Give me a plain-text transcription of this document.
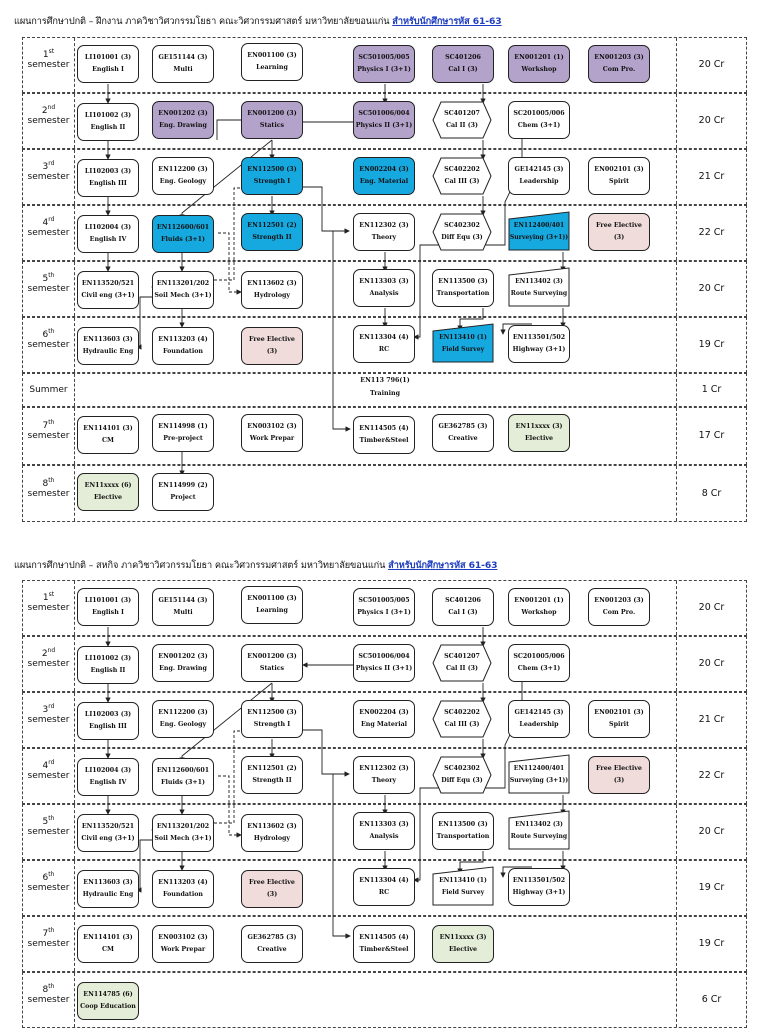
แผนการศึกษาปกติ – ฝึกงาน ภาควิชาวิศวกรรมโยธา คณะวิศวกรรมศาสตร์ มหาวิทยาลัยขอนแก่น สำหรับนักศึกษารหัส 61-63
1st
semester	20 Cr
2nd
semester	20 Cr
3rd
semester	21 Cr
4rd
semester	22 Cr
5th
semester	20 Cr
6th
semester	19 Cr
Summer	1 Cr
7th
semester	17 Cr
8th
semester	8 Cr
LI101001 (3)
English I
GE151144 (3)
Multi
EN001100 (3)
Learning
SC501005/005
Physics I (3+1)
SC401206
Cal I (3)
EN001201 (1)
Workshop
EN001203 (3)
Com Pro.
LI101002 (3)
English II
EN001202 (3)
Eng. Drawing
EN001200 (3)
Statics
SC501006/004
Physics II (3+1)
SC401207
Cal II (3)
SC201005/006
Chem (3+1)
LI102003 (3)
English III
EN112200 (3)
Eng. Geology
EN112500 (3)
Strength I
EN002204 (3)
Eng. Material
SC402202
Cal III (3)
GE142145 (3)
Leadership
EN002101 (3)
Spirit
LI102004 (3)
English IV
EN112600/601
Fluids (3+1)
EN112501 (2)
Strength II
EN112302 (3)
Theory
SC402302
Diff Equ (3)
EN112400/401
Surveying (3+1))
Free Elective
(3)
EN113520/521
Civil eng (3+1)
EN113201/202
Soil Mech (3+1)
EN113602 (3)
Hydrology
EN113303 (3)
Analysis
EN113500 (3)
Transportation
EN113402 (3)
Route Surveying
EN113603 (3)
Hydraulic Eng
EN113203 (4)
Foundation
Free Elective
(3)
EN113304 (4)
RC
EN113410 (1)
Field Survey
EN113501/502
Highway (3+1)
EN113 796(1)
Training
EN114101 (3)
CM
EN114998 (1)
Pre-project
EN003102 (3)
Work Prepar
EN114505 (4)
Timber&Steel
GE362785 (3)
Creative
EN11xxxx (3)
Elective
EN11xxxx (6)
Elective
EN114999 (2)
Project
แผนการศึกษาปกติ – สหกิจ ภาควิชาวิศวกรรมโยธา คณะวิศวกรรมศาสตร์ มหาวิทยาลัยขอนแก่น สำหรับนักศึกษารหัส 61-63
1st
semester	20 Cr
2nd
semester	20 Cr
3rd
semester	21 Cr
4rd
semester	22 Cr
5th
semester	20 Cr
6th
semester	19 Cr
7th
semester	19 Cr
8th
semester	6 Cr
LI101001 (3)
English I
GE151144 (3)
Multi
EN001100 (3)
Learning
SC501005/005
Physics I (3+1)
SC401206
Cal I (3)
EN001201 (1)
Workshop
EN001203 (3)
Com Pro.
LI101002 (3)
English II
EN001202 (3)
Eng. Drawing
EN001200 (3)
Statics
SC501006/004
Physics II (3+1)
SC401207
Cal II (3)
SC201005/006
Chem (3+1)
LI102003 (3)
English III
EN112200 (3)
Eng. Geology
EN112500 (3)
Strength I
EN002204 (3)
Eng Material
SC402202
Cal III (3)
GE142145 (3)
Leadership
EN002101 (3)
Spirit
LI102004 (3)
English IV
EN112600/601
Fluids (3+1)
EN112501 (2)
Strength II
EN112302 (3)
Theory
SC402302
Diff Equ (3)
EN112400/401
Surveying (3+1))
Free Elective
(3)
EN113520/521
Civil eng (3+1)
EN113201/202
Soil Mech (3+1)
EN113602 (3)
Hydrology
EN113303 (3)
Analysis
EN113500 (3)
Transportation
EN113402 (3)
Route Surveying
EN113603 (3)
Hydraulic Eng
EN113203 (4)
Foundation
Free Elective
(3)
EN113304 (4)
RC
EN113410 (1)
Field Survey
EN113501/502
Highway (3+1)
EN114101 (3)
CM
EN003102 (3)
Work Prepar
GE362785 (3)
Creative
EN114505 (4)
Timber&Steel
EN11xxxx (3)
Elective
EN114785 (6)
Coop Education
